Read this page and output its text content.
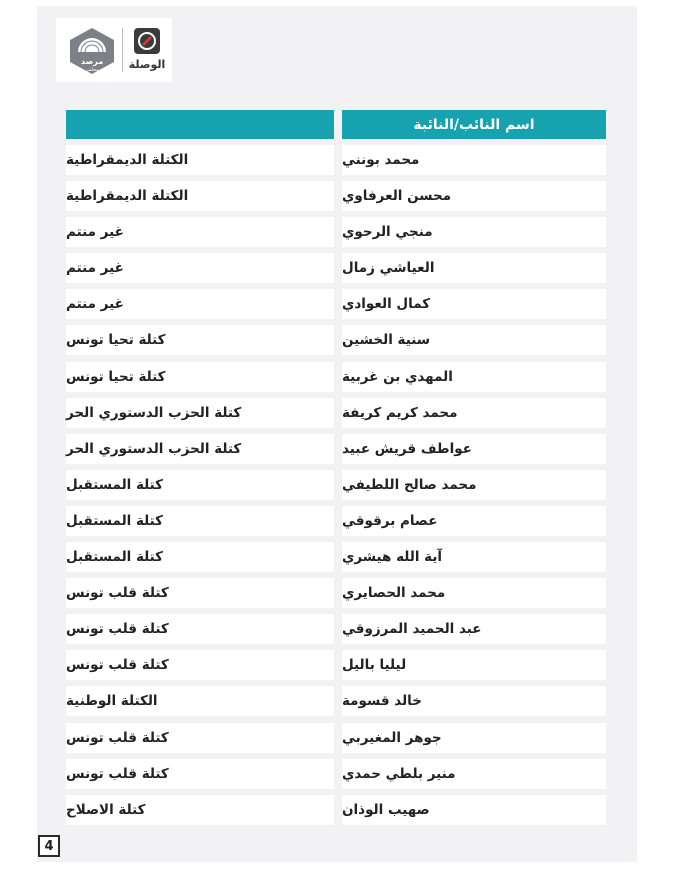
مرصد
مجلس	الوصلة
اسم النائب/النائبة
محمد بونني
الكتلة الديمقراطية
محسن العرفاوي
الكتلة الديمقراطية
منجي الرحوي
غير منتم
العياشي زمال
غير منتم
كمال العوادي
غير منتم
سنية الخشين
كتلة تحيا تونس
المهدي بن غربية
كتلة تحيا تونس
محمد كريم كريفة
كتلة الحزب الدستوري الحر
عواطف قريش عبيد
كتلة الحزب الدستوري الحر
محمد صالح اللطيفي
كتلة المستقبل
عصام برقوقي
كتلة المستقبل
آية الله هيشري
كتلة المستقبل
محمد الحصايري
كتلة قلب تونس
عبد الحميد المرزوقي
كتلة قلب تونس
ليليا باليل
كتلة قلب تونس
خالد قسومة
الكتلة الوطنية
جوهر المغيربي
كتلة قلب تونس
منير بلطي حمدي
كتلة قلب تونس
صهيب الوذان
كتلة الاصلاح
4
